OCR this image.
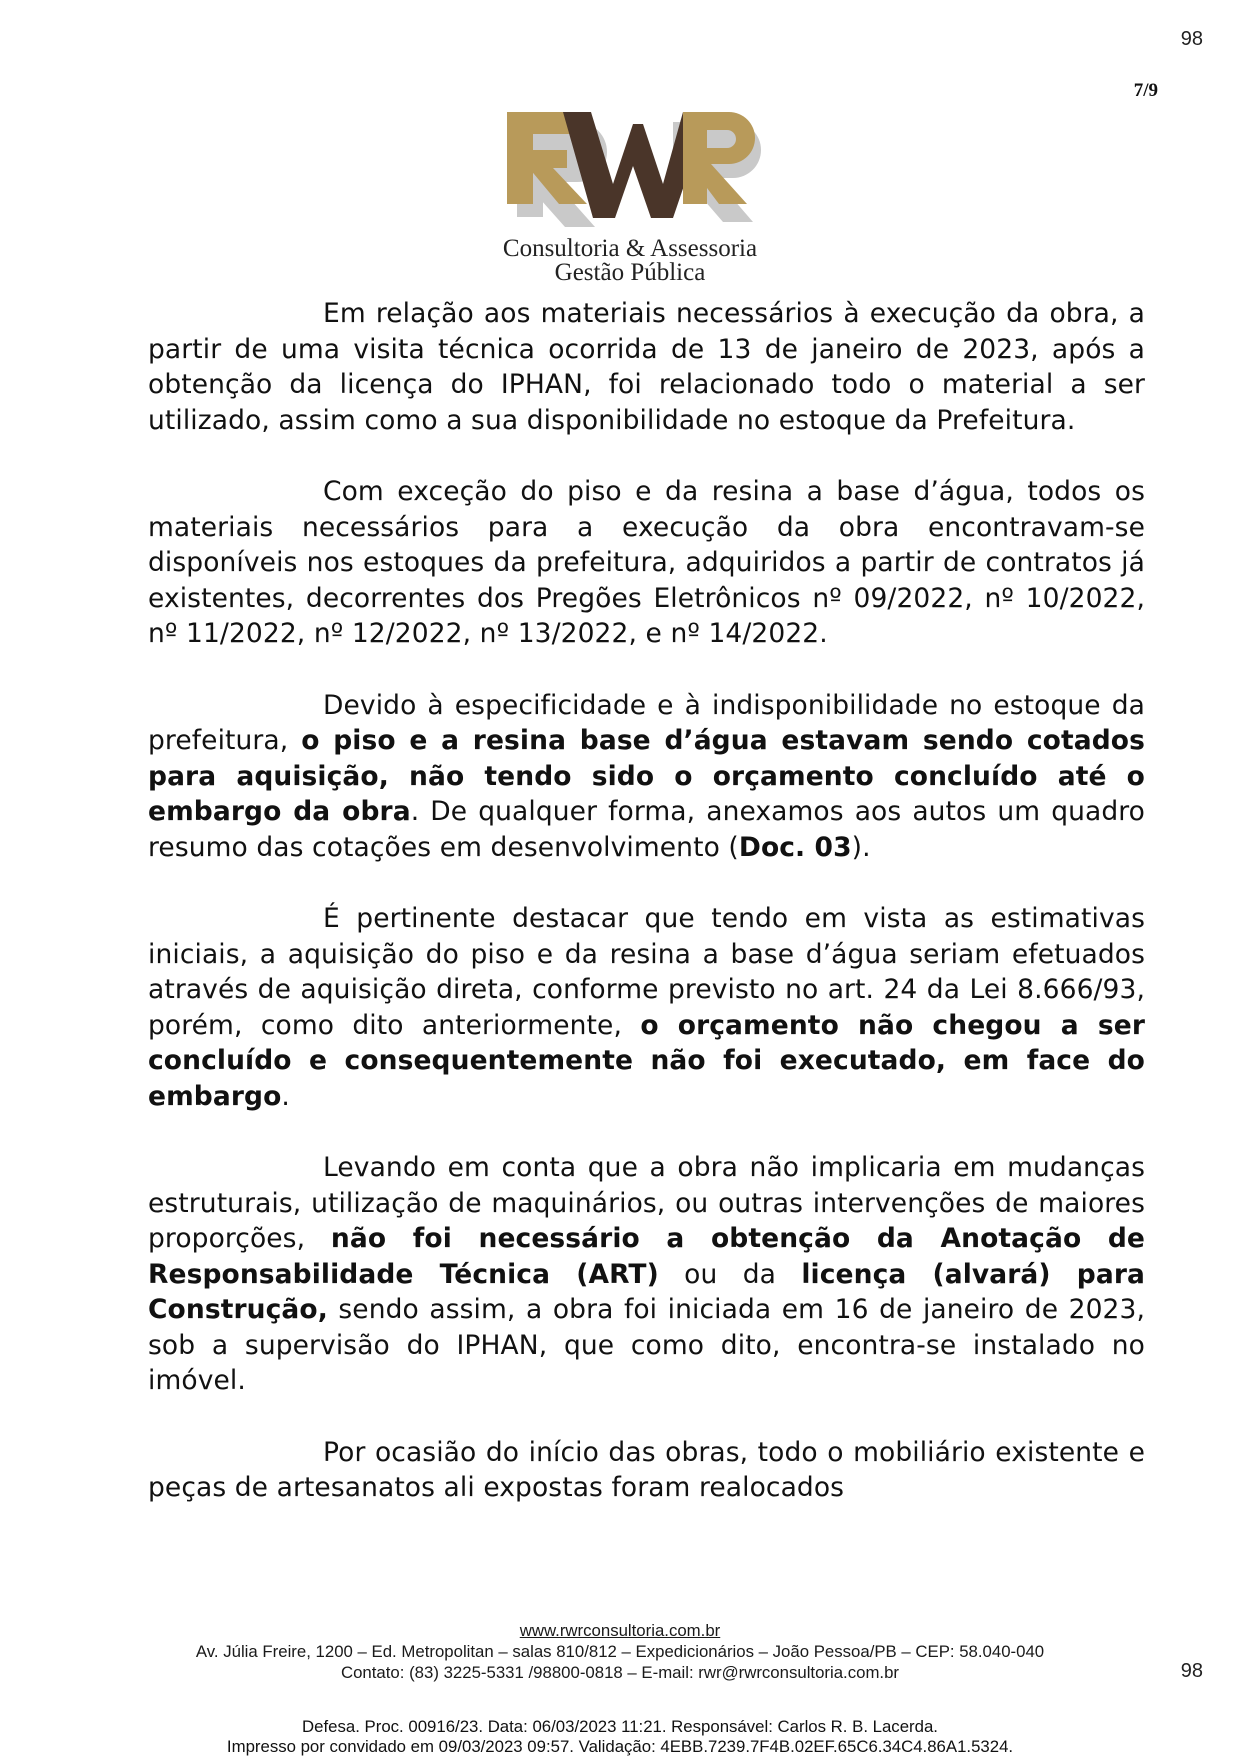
98
98
7/9
Consultoria & Assessoria
Gestão Pública

Em relação aos materiais necessários à execução da obra, a partir de uma visita técnica ocorrida de 13 de janeiro de 2023, após a obtenção da licença do IPHAN, foi relacionado todo o material a ser utilizado, assim como a sua disponibilidade no estoque da Prefeitura.

Com exceção do piso e da resina a base d’água, todos os materiais necessários para a execução da obra encontravam-se disponíveis nos estoques da prefeitura, adquiridos a partir de contratos já existentes, decorrentes dos Pregões Eletrônicos nº 09/2022, nº 10/2022, nº 11/2022, nº 12/2022, nº 13/2022, e nº 14/2022.

Devido à especificidade e à indisponibilidade no estoque da prefeitura, o piso e a resina base d’água estavam sendo cotados para aquisição, não tendo sido o orçamento concluído até o embargo da obra. De qualquer forma, anexamos aos autos um quadro resumo das cotações em desenvolvimento (Doc. 03).

É pertinente destacar que tendo em vista as estimativas iniciais, a aquisição do piso e da resina a base d’água seriam efetuados através de aquisição direta, conforme previsto no art. 24 da Lei 8.666/93, porém, como dito anteriormente, o orçamento não chegou a ser concluído e consequentemente não foi executado, em face do embargo.

Levando em conta que a obra não implicaria em mudanças estruturais, utilização de maquinários, ou outras intervenções de maiores proporções, não foi necessário a obtenção da Anotação de Responsabilidade Técnica (ART) ou da licença (alvará) para Construção, sendo assim, a obra foi iniciada em 16 de janeiro de 2023, sob a supervisão do IPHAN, que como dito, encontra-se instalado no imóvel.

Por ocasião do início das obras, todo o mobiliário existente e peças de artesanatos ali expostas foram realocados

www.rwrconsultoria.com.br
Av. Júlia Freire, 1200 – Ed. Metropolitan – salas 810/812 – Expedicionários – João Pessoa/PB – CEP: 58.040-040
Contato: (83) 3225-5331 /98800-0818 – E-mail: rwr@rwrconsultoria.com.br
Defesa. Proc. 00916/23. Data: 06/03/2023 11:21. Responsável: Carlos R. B. Lacerda.
Impresso por convidado em 09/03/2023 09:57. Validação: 4EBB.7239.7F4B.02EF.65C6.34C4.86A1.5324.
